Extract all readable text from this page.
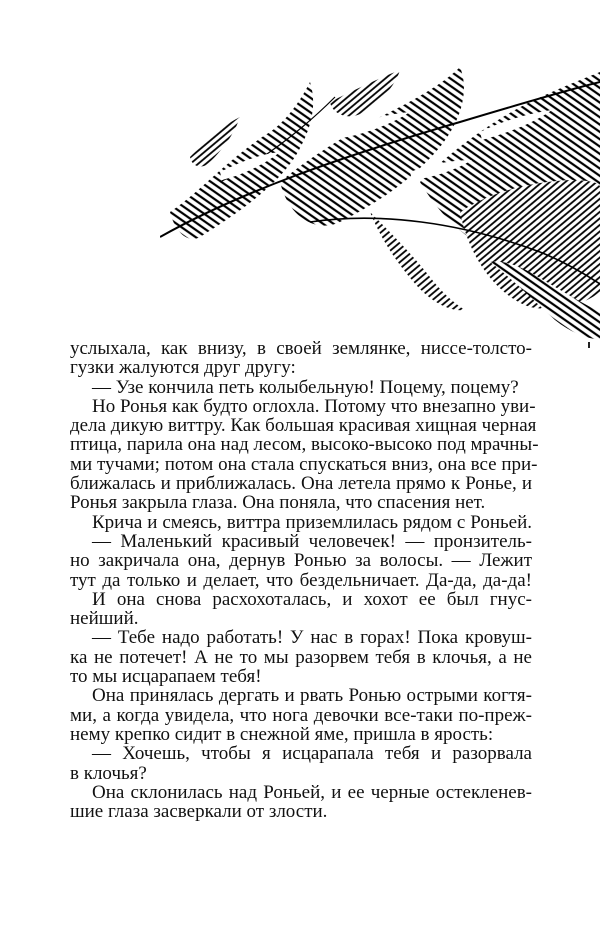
услыхала, как внизу, в своей землянке, ниссе-толсто-
гузки жалуются друг другу:
— Узе кончила петь колыбельную! Поцему, поцему?
Но Ронья как будто оглохла. Потому что внезапно уви-
дела дикую виттру. Как большая красивая хищная черная
птица, парила она над лесом, высоко-высоко под мрачны-
ми тучами; потом она стала спускаться вниз, она все при-
ближалась и приближалась. Она летела прямо к Ронье, и
Ронья закрыла глаза. Она поняла, что спасения нет.
Крича и смеясь, виттра приземлилась рядом с Роньей.
— Маленький красивый человечек! — пронзитель-
но закричала она, дернув Ронью за волосы. — Лежит
тут да только и делает, что бездельничает. Да-да, да-да!
И она снова расхохоталась, и хохот ее был гнус-
нейший.
— Тебе надо работать! У нас в горах! Пока кровуш-
ка не потечет! А не то мы разорвем тебя в клочья, а не
то мы исцарапаем тебя!
Она принялась дергать и рвать Ронью острыми когтя-
ми, а когда увидела, что нога девочки все-таки по-преж-
нему крепко сидит в снежной яме, пришла в ярость:
— Хочешь, чтобы я исцарапала тебя и разорвала
в клочья?
Она склонилась над Роньей, и ее черные остекленев-
шие глаза засверкали от злости.
